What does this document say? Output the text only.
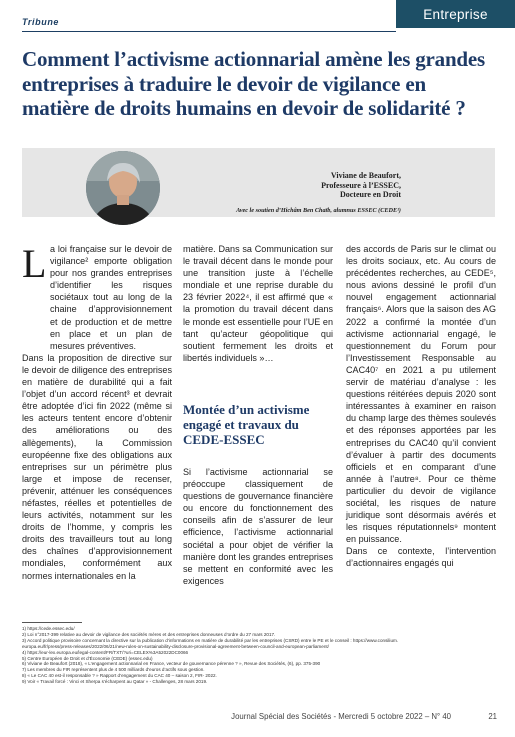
Entreprise
Tribune
Comment l’activisme actionnarial amène les grandes entreprises à traduire le devoir de vigilance en matière de droits humains en devoir de solidarité ?
Viviane de Beaufort,
Professeure à l’ESSEC,
Docteure en Droit
Avec le soutien d’Hichâm Ben Chaïb, alumnus ESSEC (CEDE¹)
L a loi française sur le devoir de vigilance² emporte obligation pour nos grandes entreprises d’identifier les risques sociétaux tout au long de la chaine d’approvisionnement et de production et de mettre en place et un plan de mesures préventives.

Dans la proposition de directive sur le devoir de diligence des entreprises en matière de durabilité qui a fait l’objet d’un accord récent³ et devrait être adoptée d’ici fin 2022 (même si les acteurs tentent encore d’obtenir des améliorations ou des allègements), la Commission européenne fixe des obligations aux entreprises sur un périmètre plus large et impose de recenser, prévenir, atténuer les conséquences néfastes, réelles et potentielles de leurs activités, notamment sur les droits de l’homme, y compris les droits des travailleurs tout au long des chaînes d’approvisionnement mondiales, conformément aux normes internationales en la

matière. Dans sa Communication sur le travail décent dans le monde pour une transition juste à l’échelle mondiale et une reprise durable du 23 février 2022⁴, il est affirmé que « la promotion du travail décent dans le monde est essentielle pour l’UE en tant qu’acteur géopolitique qui soutient fermement les droits et libertés individuels »…

Montée d’un activisme engagé et travaux du CEDE-ESSEC

Si l’activisme actionnarial se préoccupe classiquement de questions de gouvernance financière ou encore du fonctionnement des conseils afin de s’assurer de leur efficience, l’activisme actionnarial sociétal a pour objet de vérifier la manière dont les grandes entreprises se mettent en conformité avec les exigences

des accords de Paris sur le climat ou les droits sociaux, etc. Au cours de précédentes recherches, au CEDE⁵, nous avions dessiné le profil d’un nouvel engagement actionnarial français⁶. Alors que la saison des AG 2022 a confirmé la montée d’un activisme actionnarial engagé, le questionnement du Forum pour l’Investissement Responsable au CAC40⁷ en 2021 a pu utilement servir de matériau d’analyse : les questions réitérées depuis 2020 sont intéressantes à examiner en raison du champ large des thèmes soulevés et des réponses apportées par les entreprises du CAC40 qu’il convient d’évaluer à partir des documents officiels et en comparant d’une année à l’autre⁸. Pour ce thème particulier du devoir de vigilance sociétal, les risques de nature juridique sont désormais avérés et les risques réputationnels⁹ montent en puissance.

Dans ce contexte, l’intervention d’actionnaires engagés qui

1) https://cede.essec.edu/
2) Loi n°2017-399 relative au devoir de vigilance des sociétés mères et des entreprises donneuses d’ordre du 27 mars 2017.
3) Accord politique provisoire concernant la directive sur la publication d’informations en matière de durabilité par les entreprises (CSRD) entre le PE et le conseil : https://www.consilium.
europa.eu/fr/press/press-releases/2022/06/21/new-rules-on-sustainability-disclosure-provisional-agreement-between-council-and-european-parliament/
4) https://eur-lex.europa.eu/legal-content/FR/TXT/?uri=CELEX%3A52022DC0066
5) Centre Européen de Droit et d’Économie (CEDE) (essec.edu)
6) Viviane de Beaufort (2018), « L’engagement actionnarial en France, vecteur de gouvernance pérenne ? », Revue des Sociétés, (6), pp. 375-390
7) Les membres du FIR représentent plus de 4 500 milliards d’euros d’actifs sous gestion.
8) « Le CAC 40 est-il responsable ? » Rapport d’engagement du CAC 40 – saison 2, FIR- 2022.
9) Voir « Travail forcé : Vinci et Sherpa s’écharpent au Qatar » - Challenges, 28 mars 2019.
Journal Spécial des Sociétés - Mercredi 5 octobre 2022 – N° 40	21
